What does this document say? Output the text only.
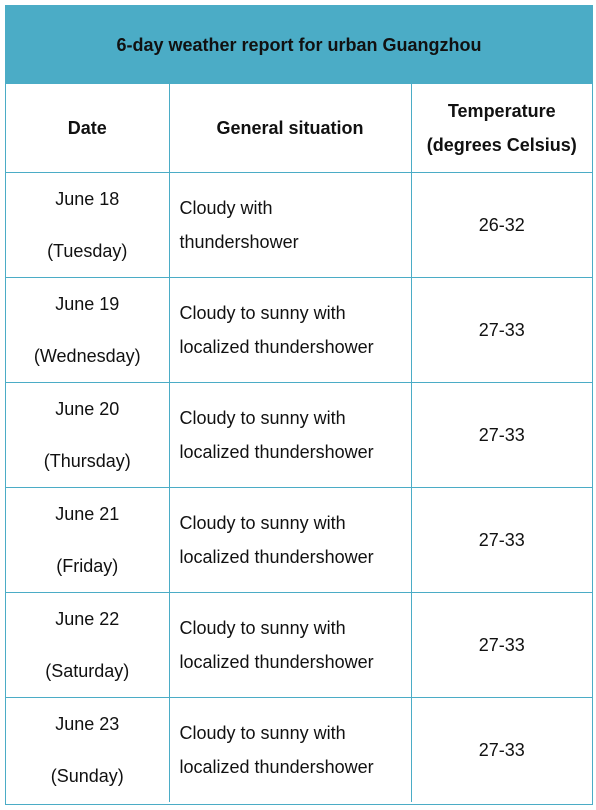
6-day weather report for urban Guangzhou
Date	General situation	Temperature
(degrees Celsius)

June 18
(Tuesday)	Cloudy with
thundershower	26-32

June 19
(Wednesday)	Cloudy to sunny with
localized thundershower	27-33

June 20
(Thursday)	Cloudy to sunny with
localized thundershower	27-33

June 21
(Friday)	Cloudy to sunny with
localized thundershower	27-33

June 22
(Saturday)	Cloudy to sunny with
localized thundershower	27-33

June 23
(Sunday)	Cloudy to sunny with
localized thundershower	27-33
